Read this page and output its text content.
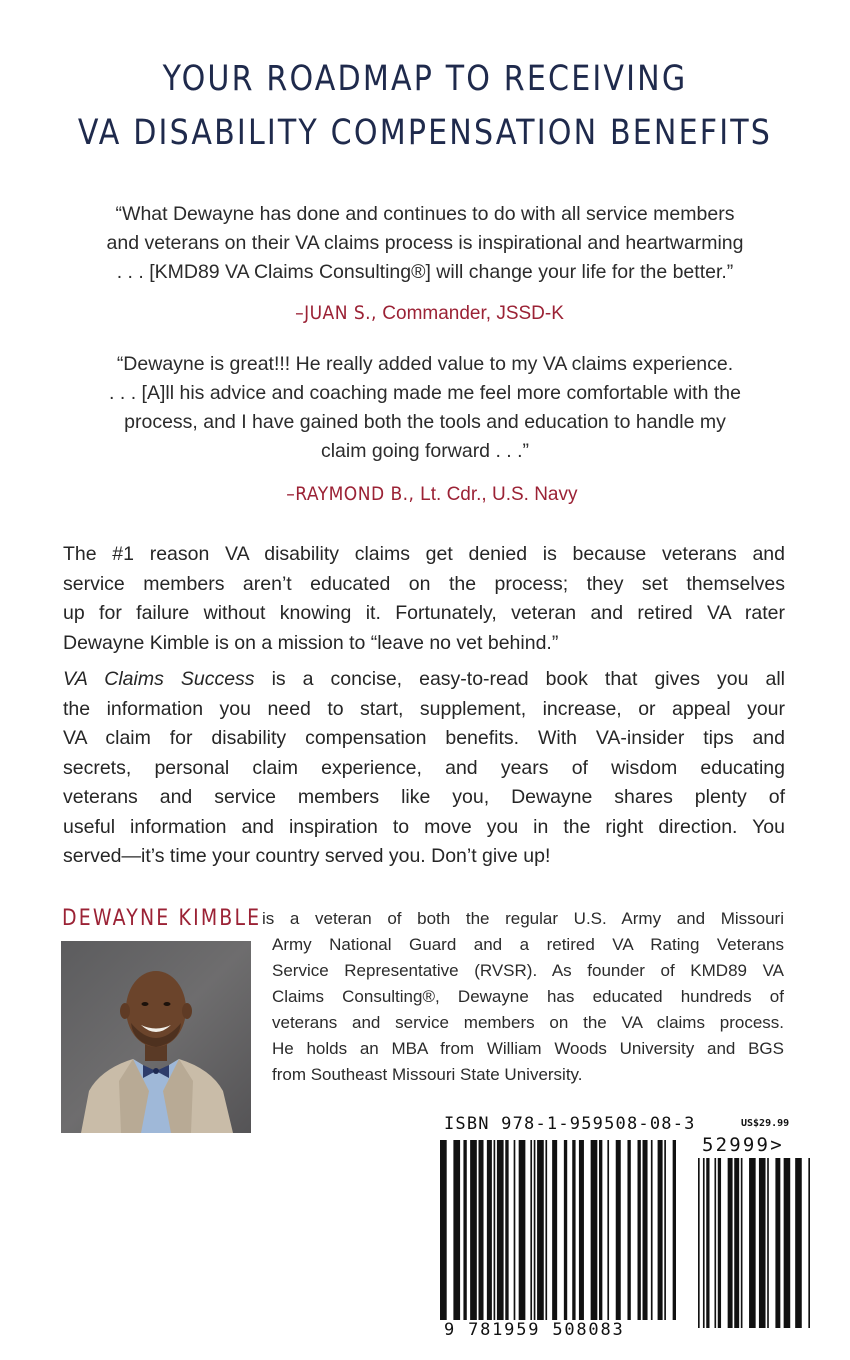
YOUR ROADMAP TO RECEIVING
VA DISABILITY COMPENSATION BENEFITS
“What Dewayne has done and continues to do with all service members
and veterans on their VA claims process is inspirational and heartwarming
. . . [KMD89 VA Claims Consulting®] will change your life for the better.”
–JUAN S., Commander, JSSD-K
“Dewayne is great!!! He really added value to my VA claims experience.
. . . [A]ll his advice and coaching made me feel more comfortable with the
process, and I have gained both the tools and education to handle my
claim going forward . . .”
–RAYMOND B., Lt. Cdr., U.S. Navy
The #1 reason VA disability claims get denied is because veterans and
service members aren’t educated on the process; they set themselves
up for failure without knowing it. Fortunately, veteran and retired VA rater
Dewayne Kimble is on a mission to “leave no vet behind.”
VA Claims Success is a concise, easy-to-read book that gives you all
the information you need to start, supplement, increase, or appeal your
VA claim for disability compensation benefits. With VA-insider tips and
secrets, personal claim experience, and years of wisdom educating
veterans and service members like you, Dewayne shares plenty of
useful information and inspiration to move you in the right direction. You
served—it’s time your country served you. Don’t give up!
DEWAYNE KIMBLE is a veteran of both the regular U.S. Army and Missouri
Army National Guard and a retired VA Rating Veterans
Service Representative (RVSR). As founder of KMD89 VA
Claims Consulting®, Dewayne has educated hundreds of
veterans and service members on the VA claims process.
He holds an MBA from William Woods University and BGS
from Southeast Missouri State University.
ISBN 978-1-959508-08-3	US$29.99
52999>
9 781959 508083
